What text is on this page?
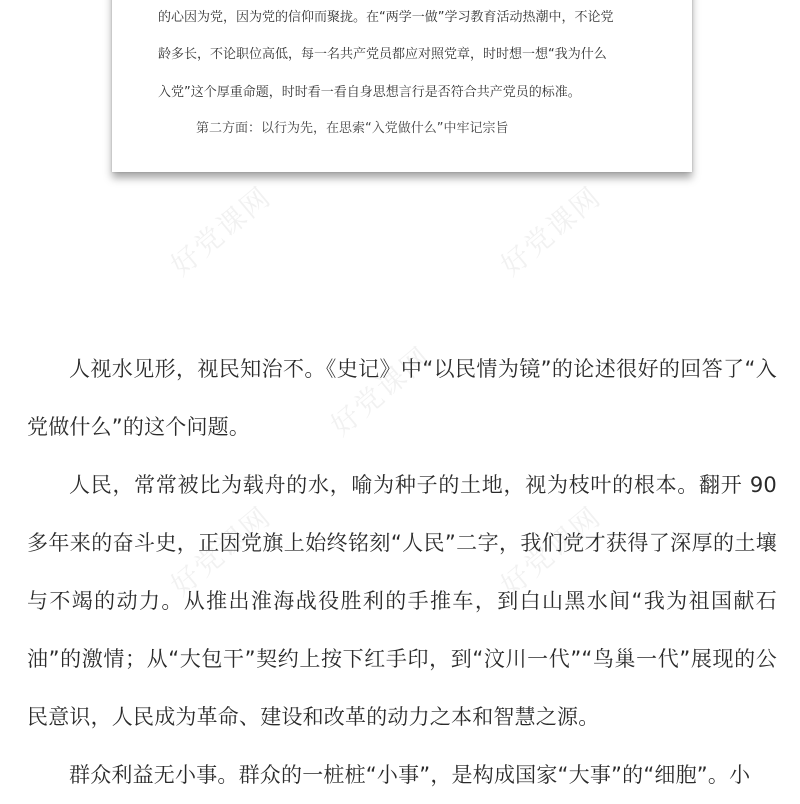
的心因为党，因为党的信仰而聚拢。在“两学一做”学习教育活动热潮中，不论党
龄多长，不论职位高低，每一名共产党员都应对照党章，时时想一想“我为什么
入党”这个厚重命题，时时看一看自身思想言行是否符合共产党员的标准。
第二方面：以行为先，在思索“入党做什么”中牢记宗旨
好党课网	好党课网
好党课网
好党课网	好党课网

人视水见形，视民知治不。《史记》中“以民情为镜”的论述很好的回答了“入党做什么”的这个问题。

人民，常常被比为载舟的水，喻为种子的土地，视为枝叶的根本。翻开 90 多年来的奋斗史，正因党旗上始终铭刻“人民”二字，我们党才获得了深厚的土壤与不竭的动力。从推出淮海战役胜利的手推车，到白山黑水间“我为祖国献石油”的激情；从“大包干”契约上按下红手印，到“汶川一代”“鸟巢一代”展现的公民意识，人民成为革命、建设和改革的动力之本和智慧之源。

群众利益无小事。群众的一桩桩“小事”，是构成国家“大事”的“细胞”。小
